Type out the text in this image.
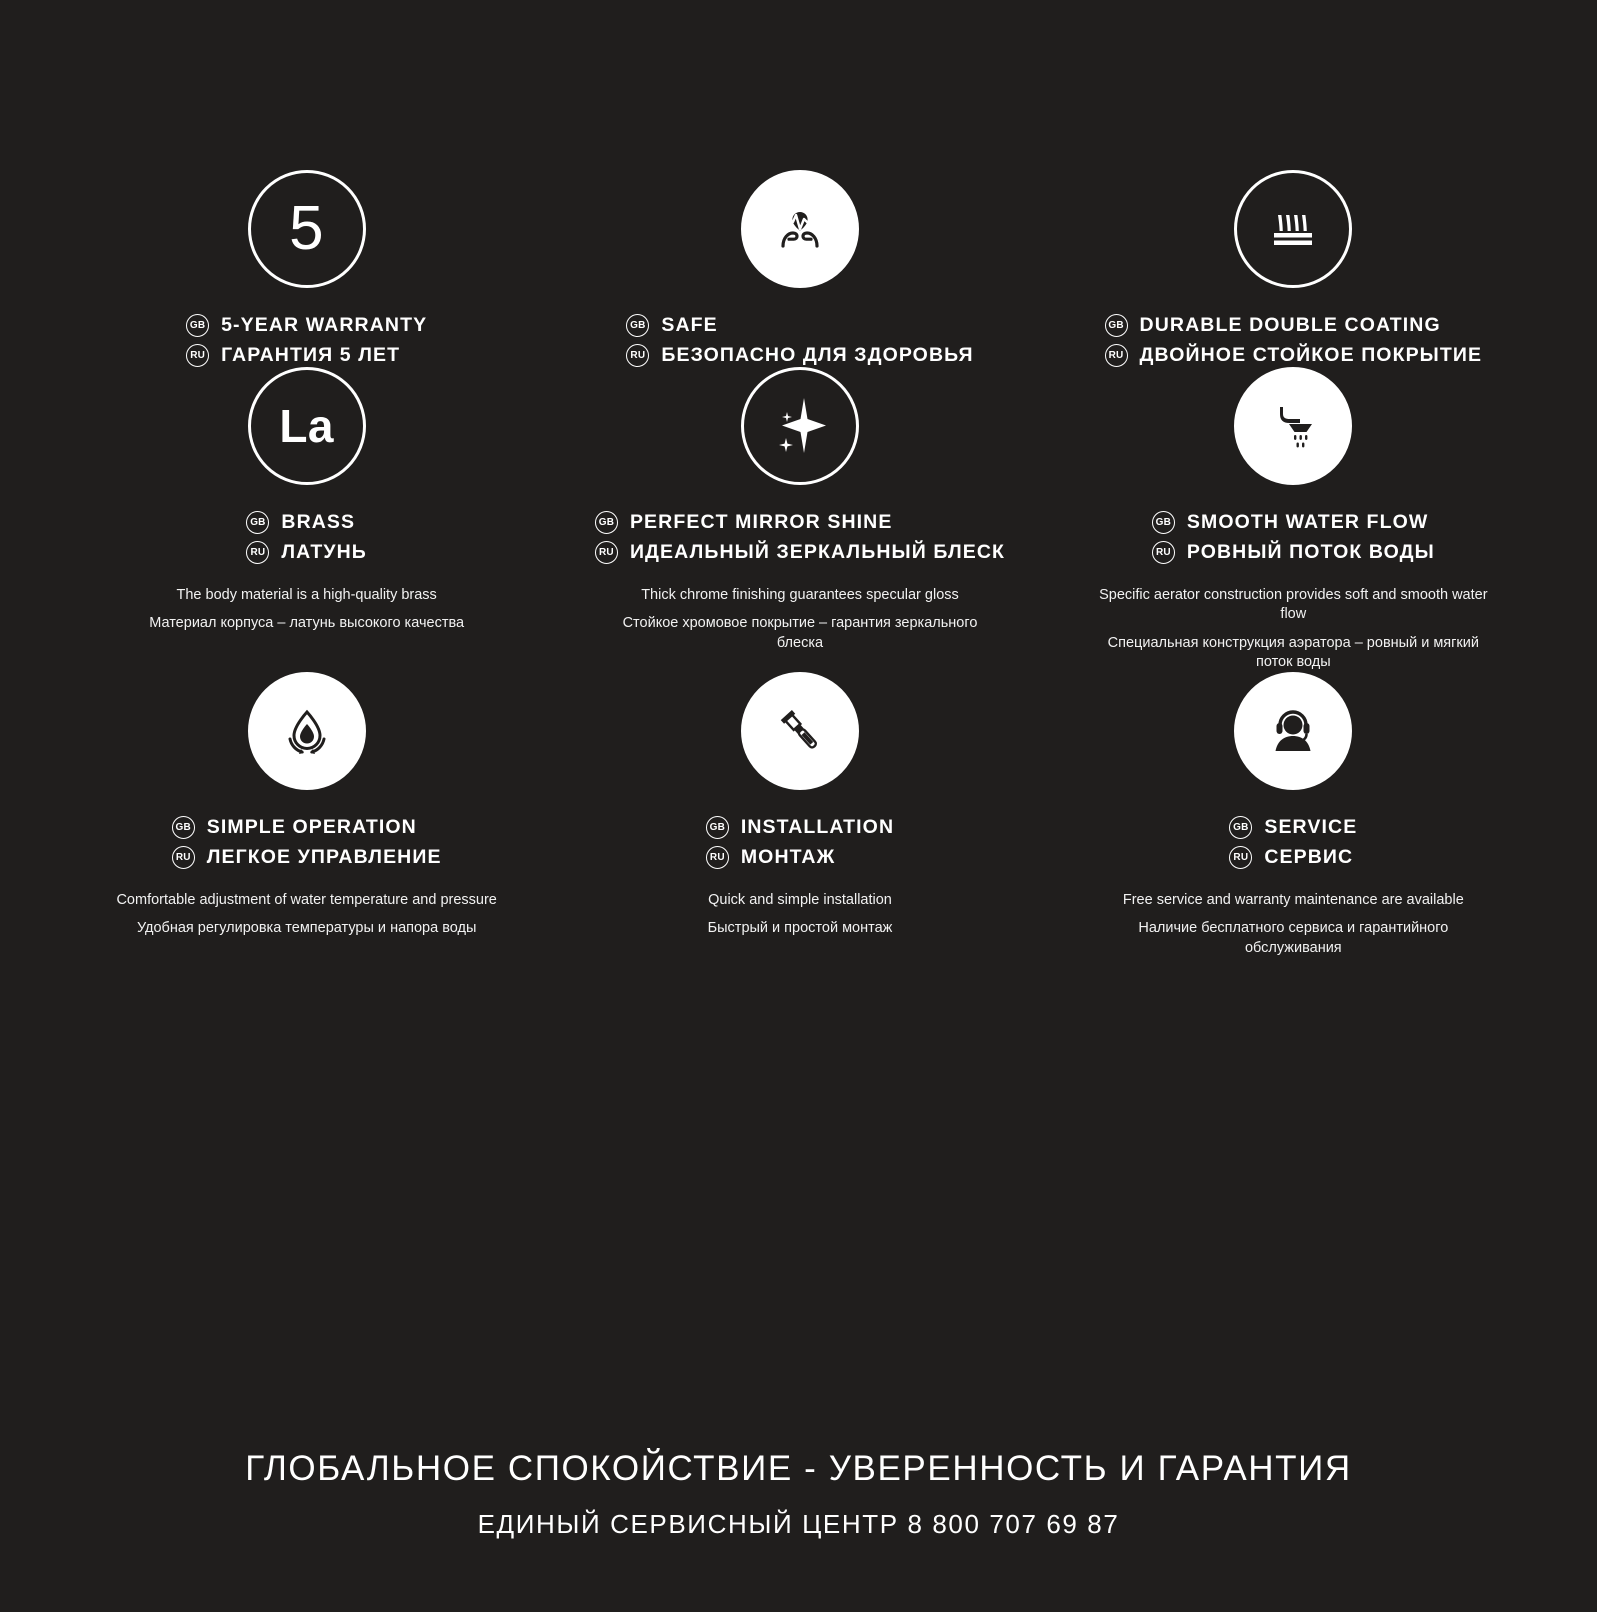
5
GB 5-YEAR WARRANTY
RU ГАРАНТИЯ 5 ЛЕТ
GB SAFE
RU БЕЗОПАСНО ДЛЯ ЗДОРОВЬЯ
GB DURABLE DOUBLE COATING
RU ДВОЙНОЕ СТОЙКОЕ ПОКРЫТИЕ
La
GB BRASS
RU ЛАТУНЬ
The body material is a high-quality brass
Материал корпуса – латунь высокого качества
GB PERFECT MIRROR SHINE
RU ИДЕАЛЬНЫЙ ЗЕРКАЛЬНЫЙ БЛЕСК
Thick chrome finishing guarantees specular gloss
Стойкое хромовое покрытие – гарантия зеркального блеска
GB SMOOTH WATER FLOW
RU РОВНЫЙ ПОТОК ВОДЫ
Specific aerator construction provides soft and smooth water flow
Специальная конструкция аэратора – ровный и мягкий поток воды
GB SIMPLE OPERATION
RU ЛЕГКОЕ УПРАВЛЕНИЕ
Comfortable adjustment of water temperature and pressure
Удобная регулировка температуры и напора воды
GB INSTALLATION
RU МОНТАЖ
Quick and simple installation
Быстрый и простой монтаж
GB SERVICE
RU СЕРВИС
Free service and warranty maintenance are available
Наличие бесплатного сервиса и гарантийного обслуживания
ГЛОБАЛЬНОЕ СПОКОЙСТВИЕ - УВЕРЕННОСТЬ И ГАРАНТИЯ
ЕДИНЫЙ СЕРВИСНЫЙ ЦЕНТР 8 800 707 69 87
